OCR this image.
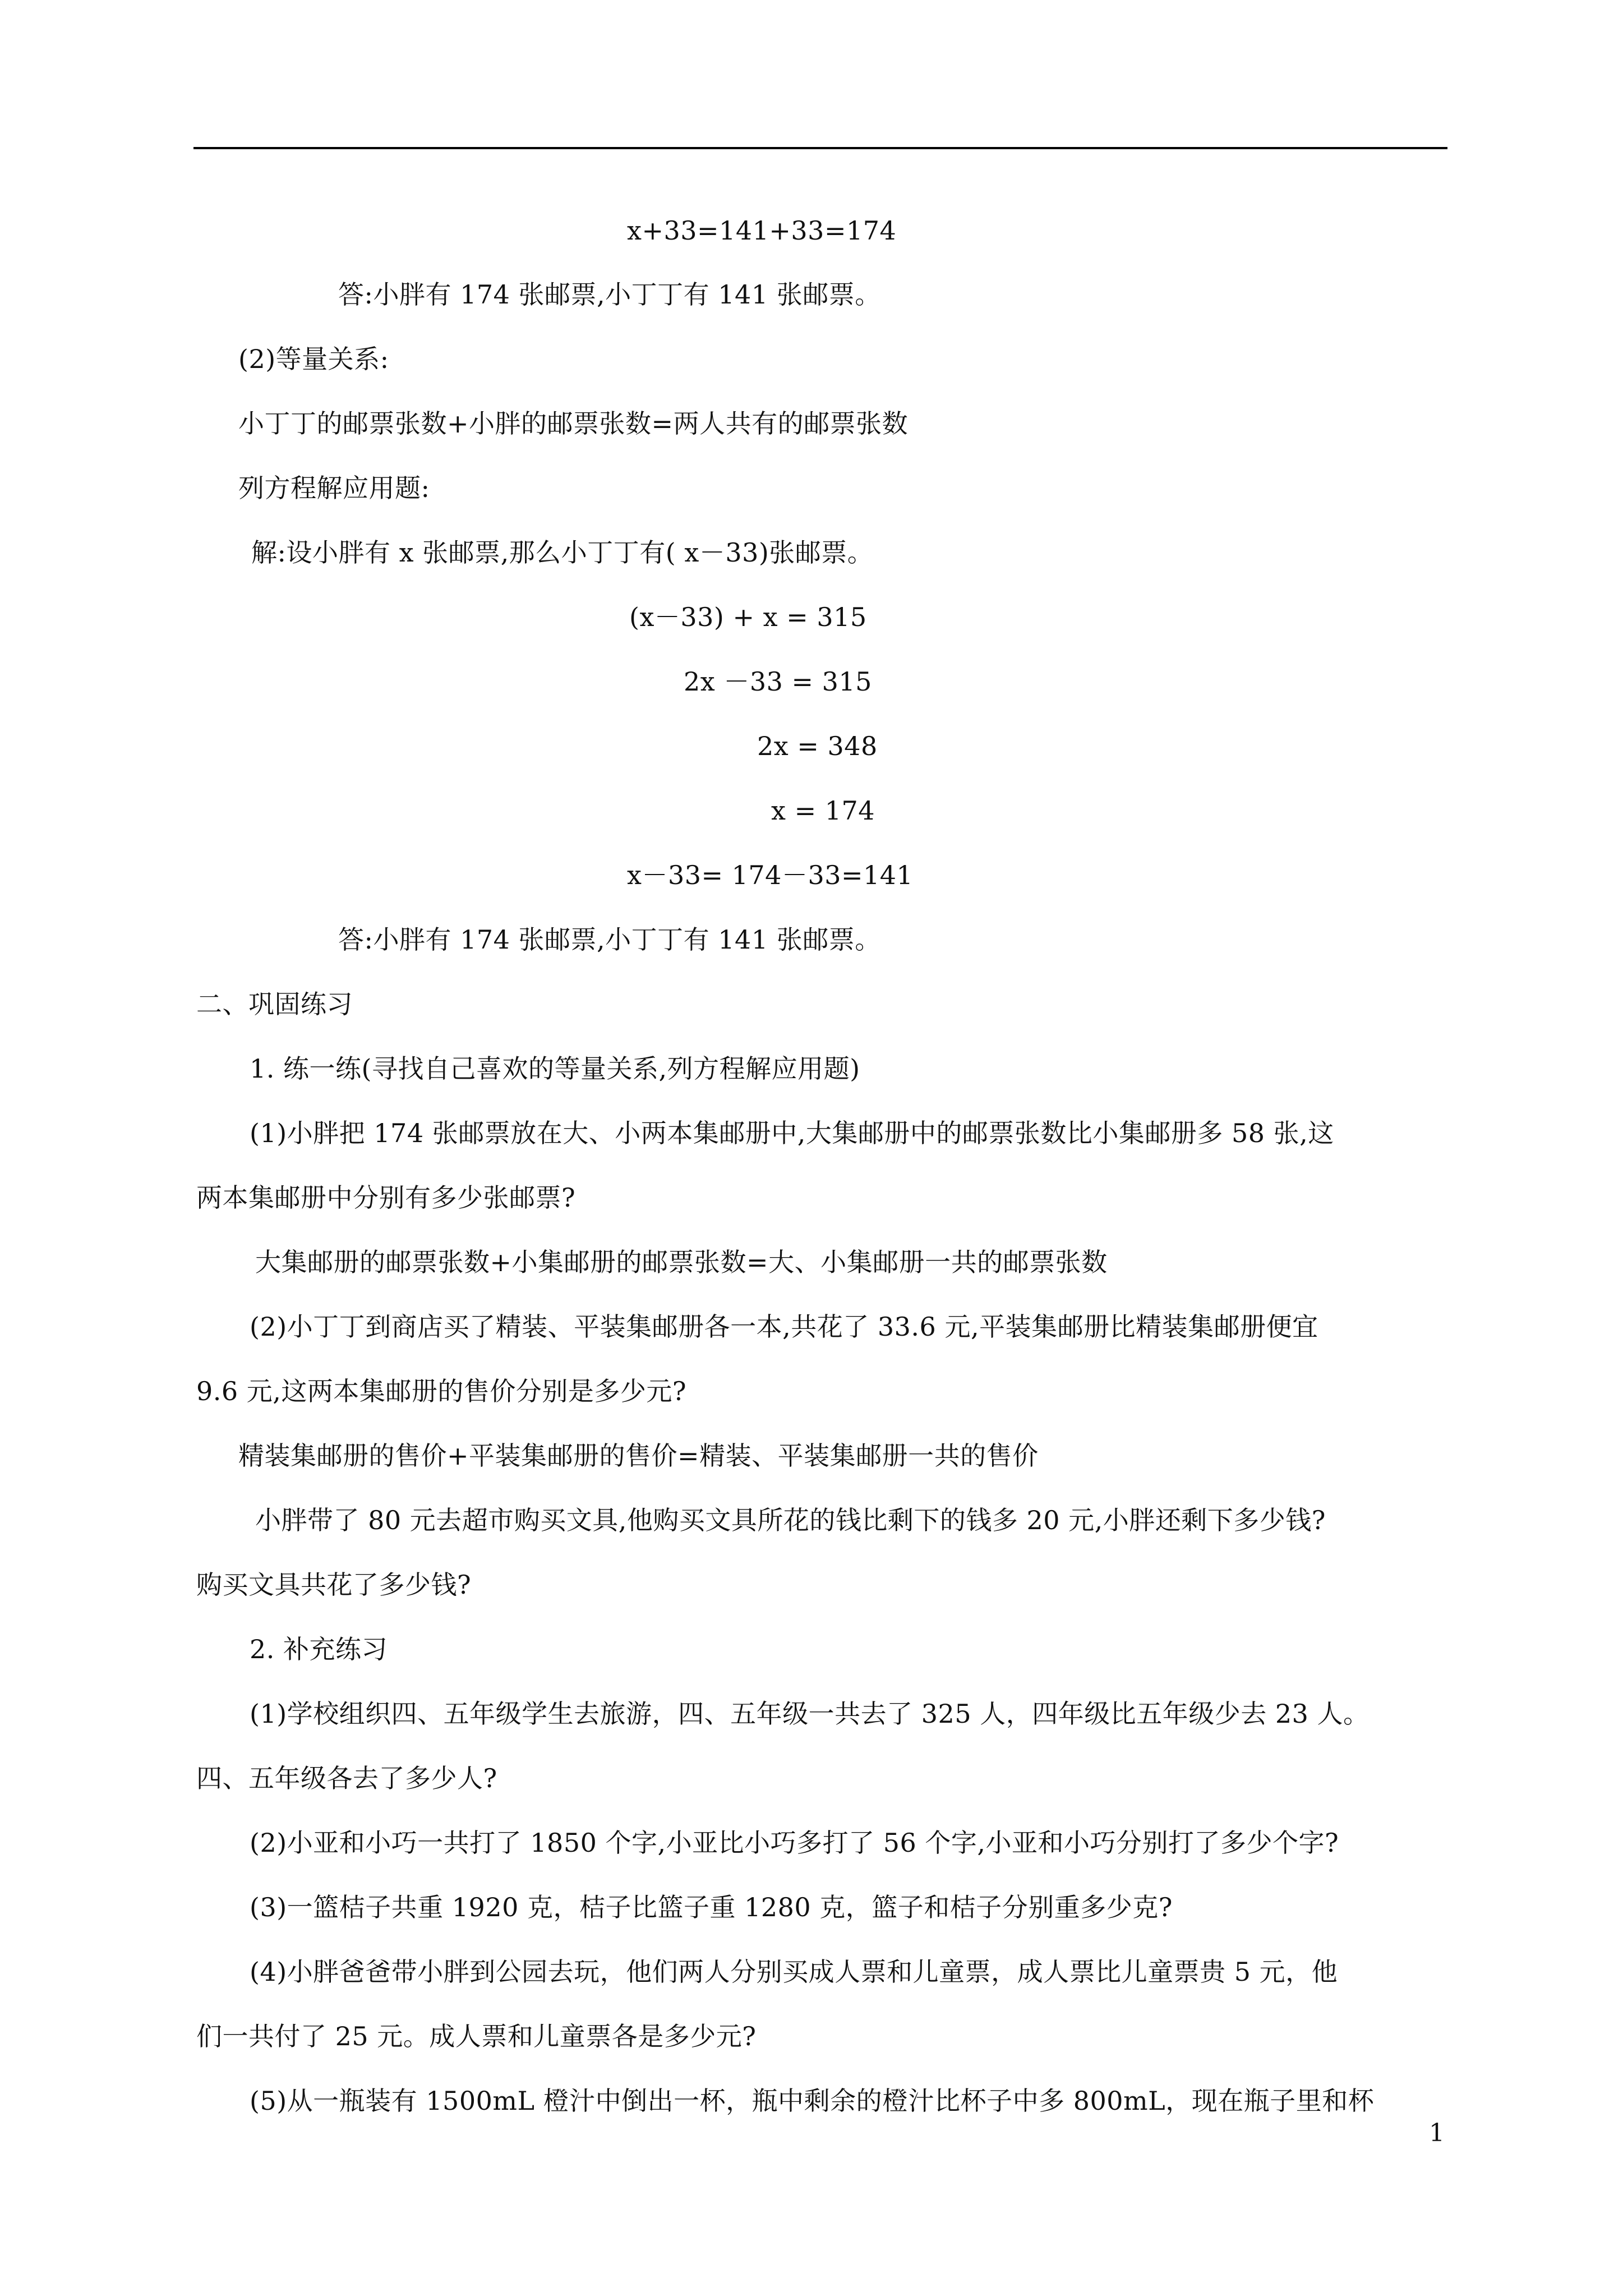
x+33=141+33=174
答:小胖有 174 张邮票,小丁丁有 141 张邮票。
(2)等量关系:
小丁丁的邮票张数+小胖的邮票张数=两人共有的邮票张数
列方程解应用题:
解:设小胖有 x 张邮票,那么小丁丁有( x－33)张邮票。
(x－33) + x = 315
2x －33 = 315
2x = 348
x = 174
x－33= 174－33=141
答:小胖有 174 张邮票,小丁丁有 141 张邮票。
二、巩固练习
1. 练一练(寻找自己喜欢的等量关系,列方程解应用题)
(1)小胖把 174 张邮票放在大、小两本集邮册中,大集邮册中的邮票张数比小集邮册多 58 张,这
两本集邮册中分别有多少张邮票?
大集邮册的邮票张数+小集邮册的邮票张数=大、小集邮册一共的邮票张数
(2)小丁丁到商店买了精装、平装集邮册各一本,共花了 33.6 元,平装集邮册比精装集邮册便宜
9.6 元,这两本集邮册的售价分别是多少元?
精装集邮册的售价+平装集邮册的售价=精装、平装集邮册一共的售价
小胖带了 80 元去超市购买文具,他购买文具所花的钱比剩下的钱多 20 元,小胖还剩下多少钱?
购买文具共花了多少钱?
2. 补充练习
(1)学校组织四、五年级学生去旅游，四、五年级一共去了 325 人，四年级比五年级少去 23 人。
四、五年级各去了多少人?
(2)小亚和小巧一共打了 1850 个字,小亚比小巧多打了 56 个字,小亚和小巧分别打了多少个字?
(3)一篮桔子共重 1920 克，桔子比篮子重 1280 克，篮子和桔子分别重多少克?
(4)小胖爸爸带小胖到公园去玩，他们两人分别买成人票和儿童票，成人票比儿童票贵 5 元，他
们一共付了 25 元。成人票和儿童票各是多少元?
(5)从一瓶装有 1500mL 橙汁中倒出一杯，瓶中剩余的橙汁比杯子中多 800mL，现在瓶子里和杯
1
